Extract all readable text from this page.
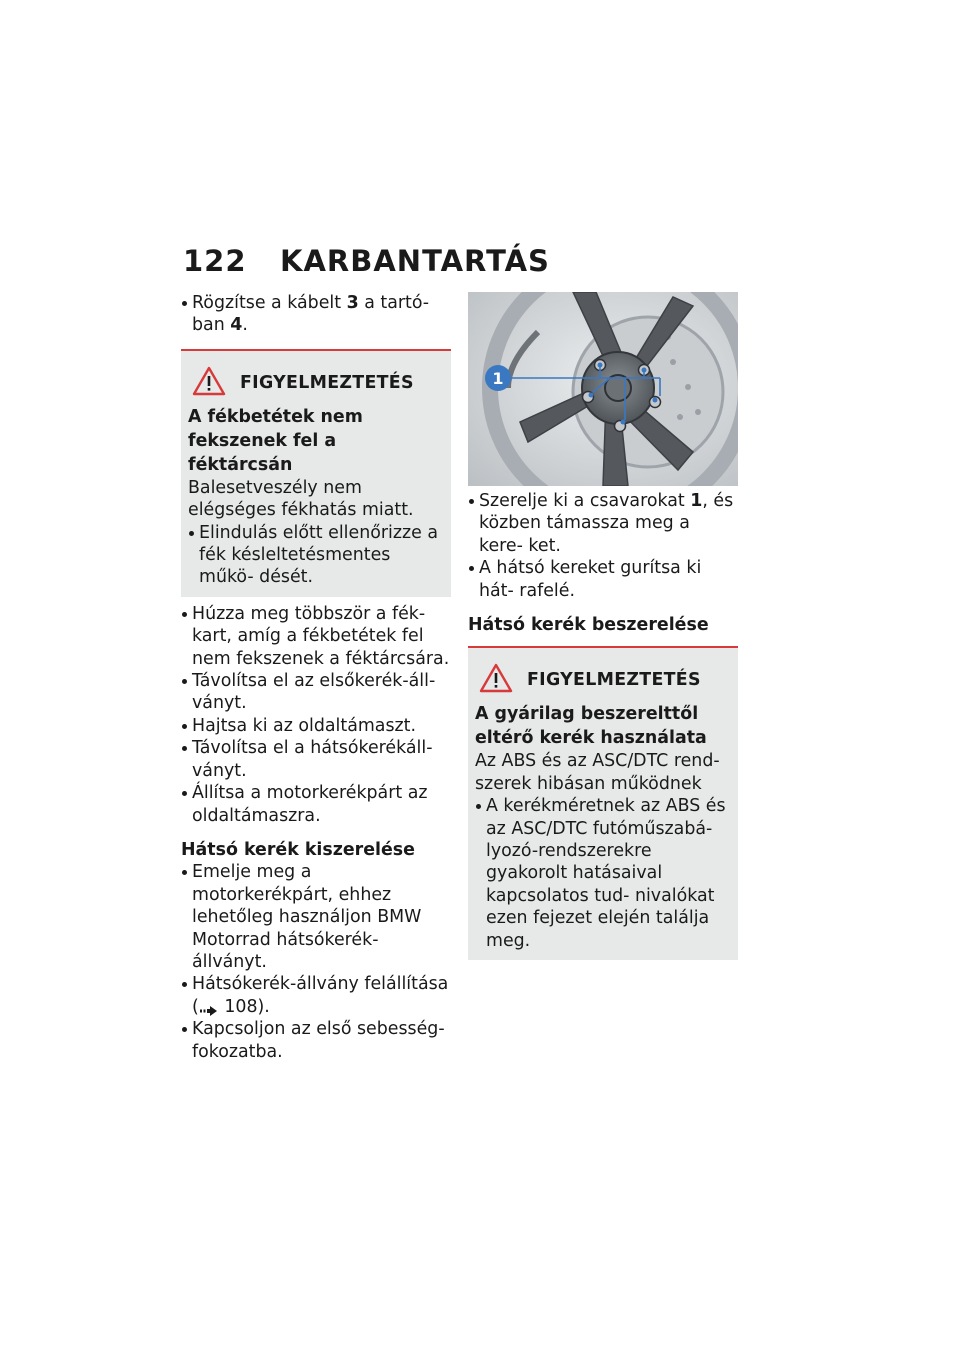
122	KARBANTARTÁS
Rögzítse a kábelt 3 a tartó- ban 4.
FIGYELMEZTETÉS

A fékbetétek nem fekszenek fel a féktárcsán

Balesetveszély nem elégséges fékhatás miatt.

Elindulás előtt ellenőrizze a fék késleltetésmentes műkö- dését.
Húzza meg többször a fék- kart, amíg a fékbetétek fel nem fekszenek a féktárcsára.
Távolítsa el az elsőkerék-áll- ványt.
Hajtsa ki az oldaltámaszt.
Távolítsa el a hátsókerékáll- ványt.
Állítsa a motorkerékpárt az oldaltámaszra.

Hátsó kerék kiszerelése

Emelje meg a motorkerékpárt, ehhez lehetőleg használjon BMW Motorrad hátsókerék- állványt.
Hátsókerék-állvány felállítása
( 108).
Kapcsoljon az első sebesség- fokozatba.
1
Szerelje ki a csavarokat 1, és közben támassza meg a kere- ket.
A hátsó kereket gurítsa ki hát- rafelé.

Hátsó kerék beszerelése

FIGYELMEZTETÉS

A gyárilag beszerelttől eltérő kerék használata

Az ABS és az ASC/DTC rend- szerek hibásan működnek

A kerékméretnek az ABS és az ASC/DTC futóműszabá- lyozó-rendszerekre gyakorolt hatásaival kapcsolatos tud- nivalókat ezen fejezet elején találja meg.
